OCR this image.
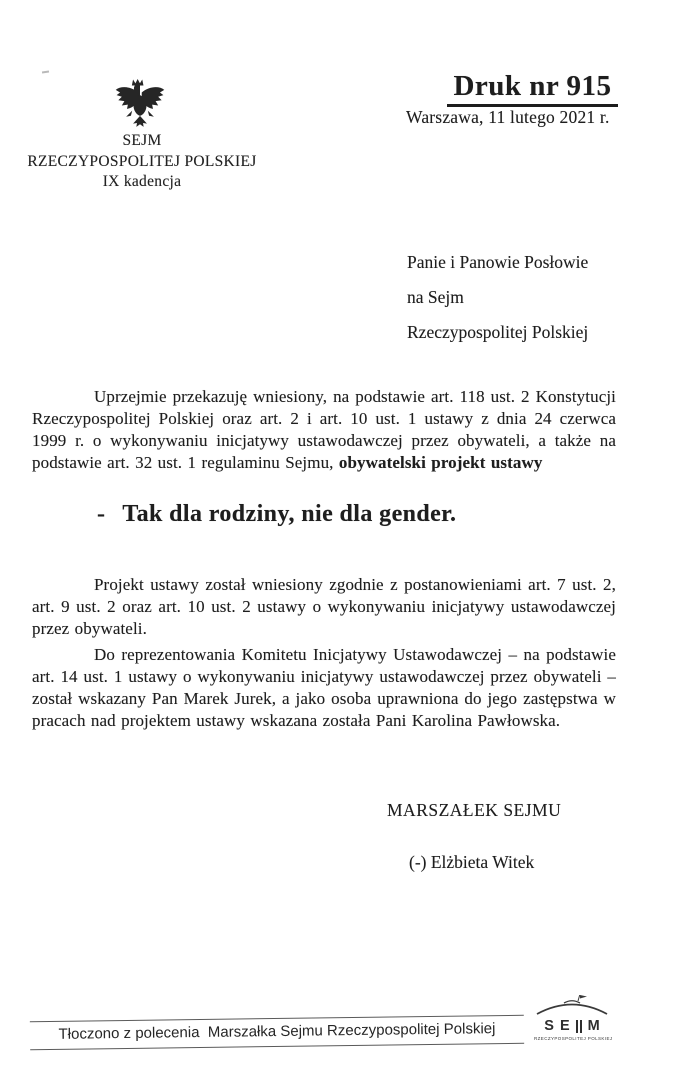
SEJM
RZECZYPOSPOLITEJ POLSKIEJ
IX kadencja
Druk nr 915
Warszawa, 11 lutego 2021 r.
Panie i Panowie Posłowie
na Sejm
Rzeczypospolitej Polskiej
Uprzejmie przekazuję wniesiony, na podstawie art. 118 ust. 2 Konstytucji Rzeczypospolitej Polskiej oraz art. 2 i art. 10 ust. 1 ustawy z dnia 24 czerwca 1999 r. o wykonywaniu inicjatywy ustawodawczej przez obywateli, a także na podstawie art. 32 ust. 1 regulaminu Sejmu, obywatelski projekt ustawy
- Tak dla rodziny, nie dla gender.
Projekt ustawy został wniesiony zgodnie z postanowieniami art. 7 ust. 2, art. 9 ust. 2 oraz art. 10 ust. 2 ustawy o wykonywaniu inicjatywy ustawodawczej przez obywateli.
Do reprezentowania Komitetu Inicjatywy Ustawodawczej – na podstawie art. 14 ust. 1 ustawy o wykonywaniu inicjatywy ustawodawczej przez obywateli – został wskazany Pan Marek Jurek, a jako osoba uprawniona do jego zastępstwa w pracach nad projektem ustawy wskazana została Pani Karolina Pawłowska.
MARSZAŁEK SEJMU
(-) Elżbieta Witek
Tłoczono z polecenia  Marszałka Sejmu Rzeczypospolitej Polskiej	S E M
RZECZYPOSPOLITEJ POLSKIEJ
